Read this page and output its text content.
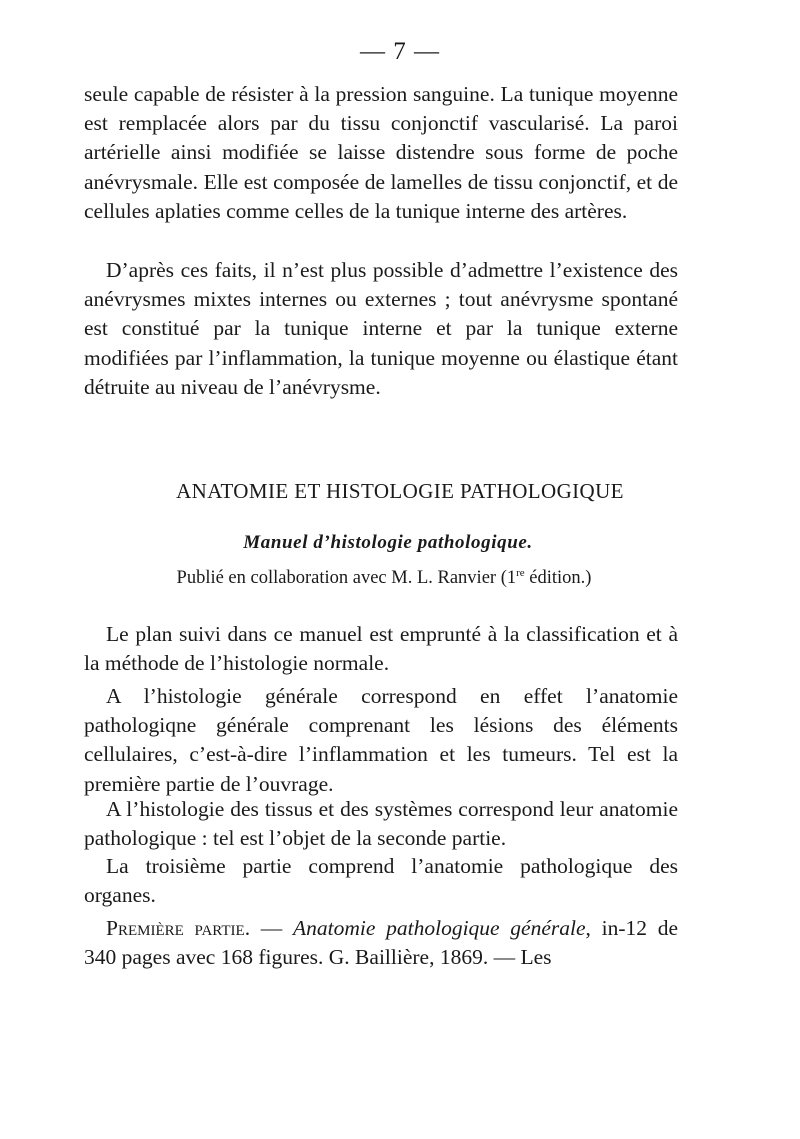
— 7 —

seule capable de résister à la pression sanguine. La tunique moyenne est remplacée alors par du tissu conjonctif vascularisé. La paroi artérielle ainsi modifiée se laisse distendre sous forme de poche anévrysmale. Elle est composée de lamelles de tissu conjonctif, et de cellules aplaties comme celles de la tunique interne des artères.

D’après ces faits, il n’est plus possible d’admettre l’existence des anévrysmes mixtes internes ou externes ; tout anévrysme spontané est constitué par la tunique interne et par la tunique externe modifiées par l’inflammation, la tunique moyenne ou élastique étant détruite au niveau de l’anévrysme.

ANATOMIE ET HISTOLOGIE PATHOLOGIQUE
Manuel d’histologie pathologique.
Publié en collaboration avec M. L. Ranvier (1re édition.)

Le plan suivi dans ce manuel est emprunté à la classification et à la méthode de l’histologie normale.

A l’histologie générale correspond en effet l’anatomie pathologiqne générale comprenant les lésions des éléments cellulaires, c’est-à-dire l’inflammation et les tumeurs. Tel est la première partie de l’ouvrage.

A l’histologie des tissus et des systèmes correspond leur anatomie pathologique : tel est l’objet de la seconde partie.

La troisième partie comprend l’anatomie pathologique des organes.

Première partie. — Anatomie pathologique générale, in-12 de 340 pages avec 168 figures. G. Baillière, 1869. — Les
